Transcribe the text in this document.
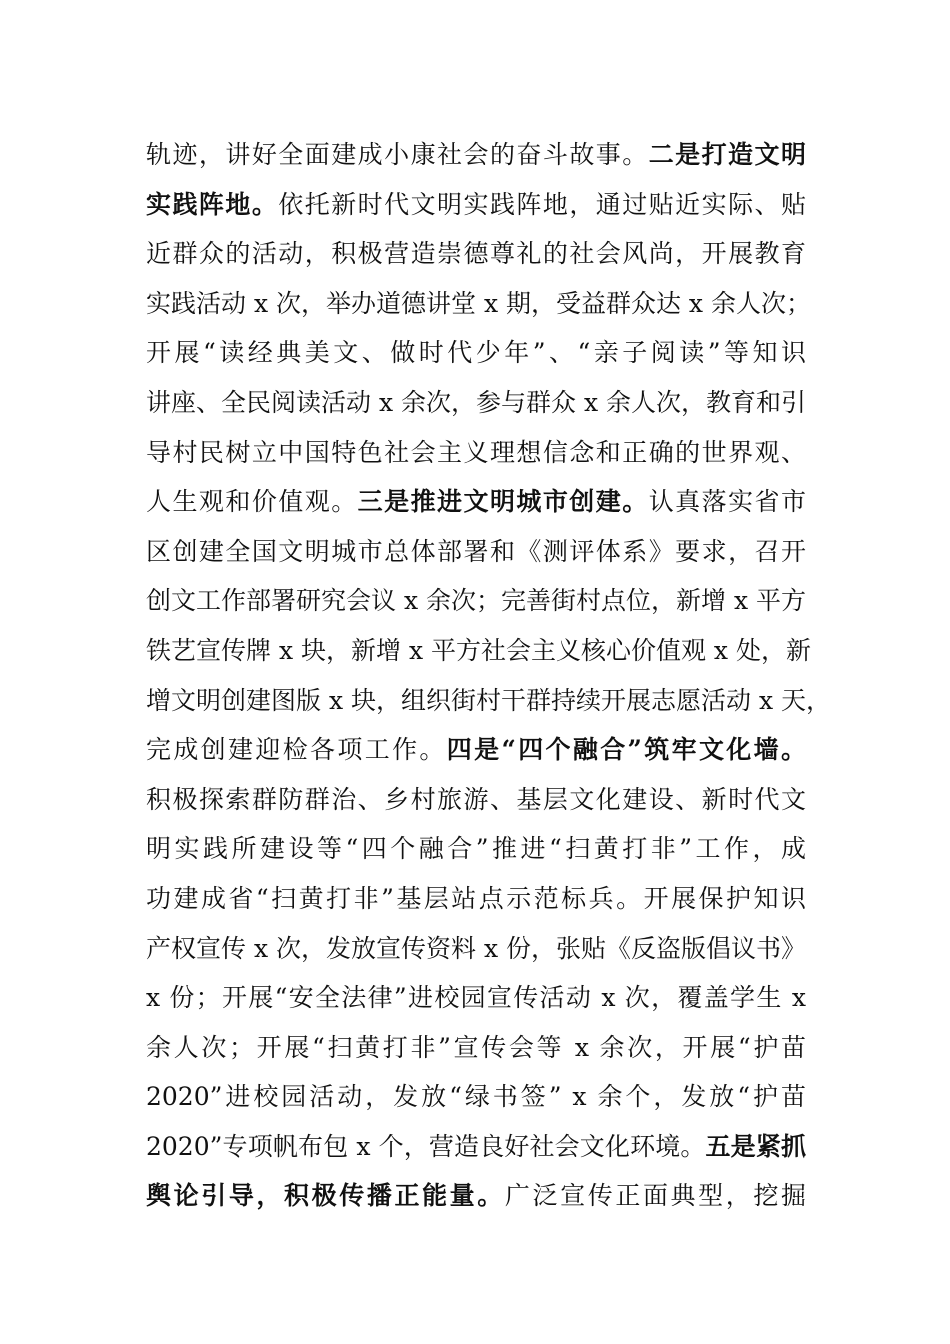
轨迹，讲好全面建成小康社会的奋斗故事。二是打造文明
实践阵地。依托新时代文明实践阵地，通过贴近实际、贴
近群众的活动，积极营造崇德尊礼的社会风尚，开展教育
实践活动 x 次，举办道德讲堂 x 期，受益群众达 x 余人次；
开展“读经典美文、做时代少年”、“亲子阅读”等知识
讲座、全民阅读活动 x 余次，参与群众 x 余人次，教育和引
导村民树立中国特色社会主义理想信念和正确的世界观、
人生观和价值观。三是推进文明城市创建。认真落实省市
区创建全国文明城市总体部署和《测评体系》要求，召开
创文工作部署研究会议 x 余次；完善街村点位，新增 x 平方
铁艺宣传牌 x 块，新增 x 平方社会主义核心价值观 x 处，新
增文明创建图版 x 块，组织街村干群持续开展志愿活动 x 天，
完成创建迎检各项工作。四是“四个融合”筑牢文化墙。
积极探索群防群治、乡村旅游、基层文化建设、新时代文
明实践所建设等“四个融合”推进“扫黄打非”工作，成
功建成省“扫黄打非”基层站点示范标兵。开展保护知识
产权宣传 x 次，发放宣传资料 x 份，张贴《反盗版倡议书》
x 份；开展“安全法律”进校园宣传活动 x 次，覆盖学生 x
余人次；开展“扫黄打非”宣传会等 x 余次，开展“护苗
2020”进校园活动，发放“绿书签” x 余个，发放“护苗
2020”专项帆布包 x 个，营造良好社会文化环境。五是紧抓
舆论引导，积极传播正能量。广泛宣传正面典型，挖掘
